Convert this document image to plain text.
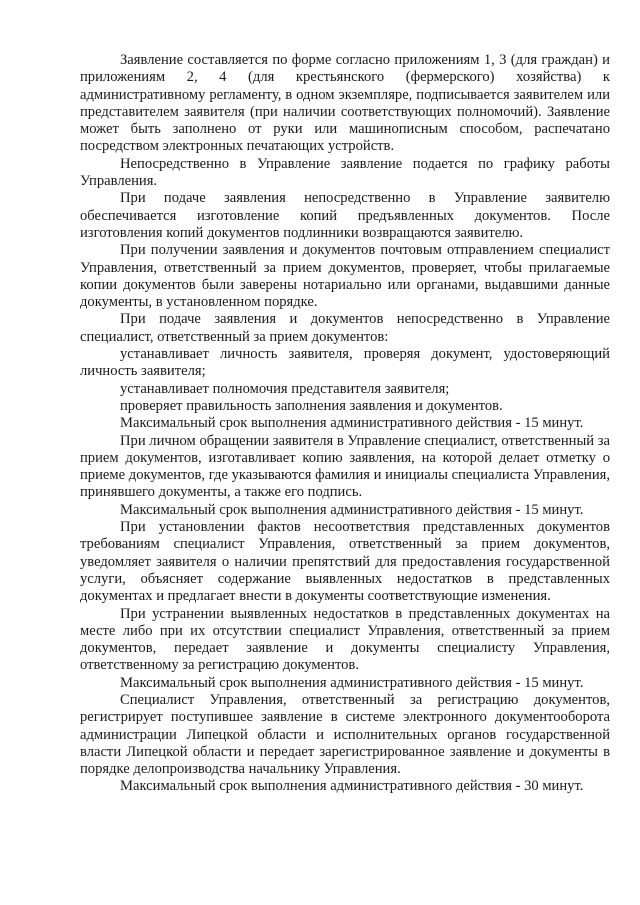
Заявление составляется по форме согласно приложениям 1, 3 (для граждан) и приложениям 2, 4 (для крестьянского (фермерского) хозяйства) к административному регламенту, в одном экземпляре, подписывается заявителем или представителем заявителя (при наличии соответствующих полномочий). Заявление может быть заполнено от руки или машинописным способом, распечатано посредством электронных печатающих устройств.

Непосредственно в Управление заявление подается по графику работы Управления.

При подаче заявления непосредственно в Управление заявителю обеспечивается изготовление копий предъявленных документов. После изготовления копий документов подлинники возвращаются заявителю.

При получении заявления и документов почтовым отправлением специалист Управления, ответственный за прием документов, проверяет, чтобы прилагаемые копии документов были заверены нотариально или органами, выдавшими данные документы, в установленном порядке.

При подаче заявления и документов непосредственно в Управление специалист, ответственный за прием документов:

устанавливает личность заявителя, проверяя документ, удостоверяющий личность заявителя;

устанавливает полномочия представителя заявителя;

проверяет правильность заполнения заявления и документов.

Максимальный срок выполнения административного действия - 15 минут.

При личном обращении заявителя в Управление специалист, ответственный за прием документов, изготавливает копию заявления, на которой делает отметку о приеме документов, где указываются фамилия и инициалы специалиста Управления, принявшего документы, а также его подпись.

Максимальный срок выполнения административного действия - 15 минут.

При установлении фактов несоответствия представленных документов требованиям специалист Управления, ответственный за прием документов, уведомляет заявителя о наличии препятствий для предоставления государственной услуги, объясняет содержание выявленных недостатков в представленных документах и предлагает внести в документы соответствующие изменения.

При устранении выявленных недостатков в представленных документах на месте либо при их отсутствии специалист Управления, ответственный за прием документов, передает заявление и документы специалисту Управления, ответственному за регистрацию документов.

Максимальный срок выполнения административного действия - 15 минут.

Специалист Управления, ответственный за регистрацию документов, регистрирует поступившее заявление в системе электронного документооборота администрации Липецкой области и исполнительных органов государственной власти Липецкой области и передает зарегистрированное заявление и документы в порядке делопроизводства начальнику Управления.

Максимальный срок выполнения административного действия - 30 минут.
